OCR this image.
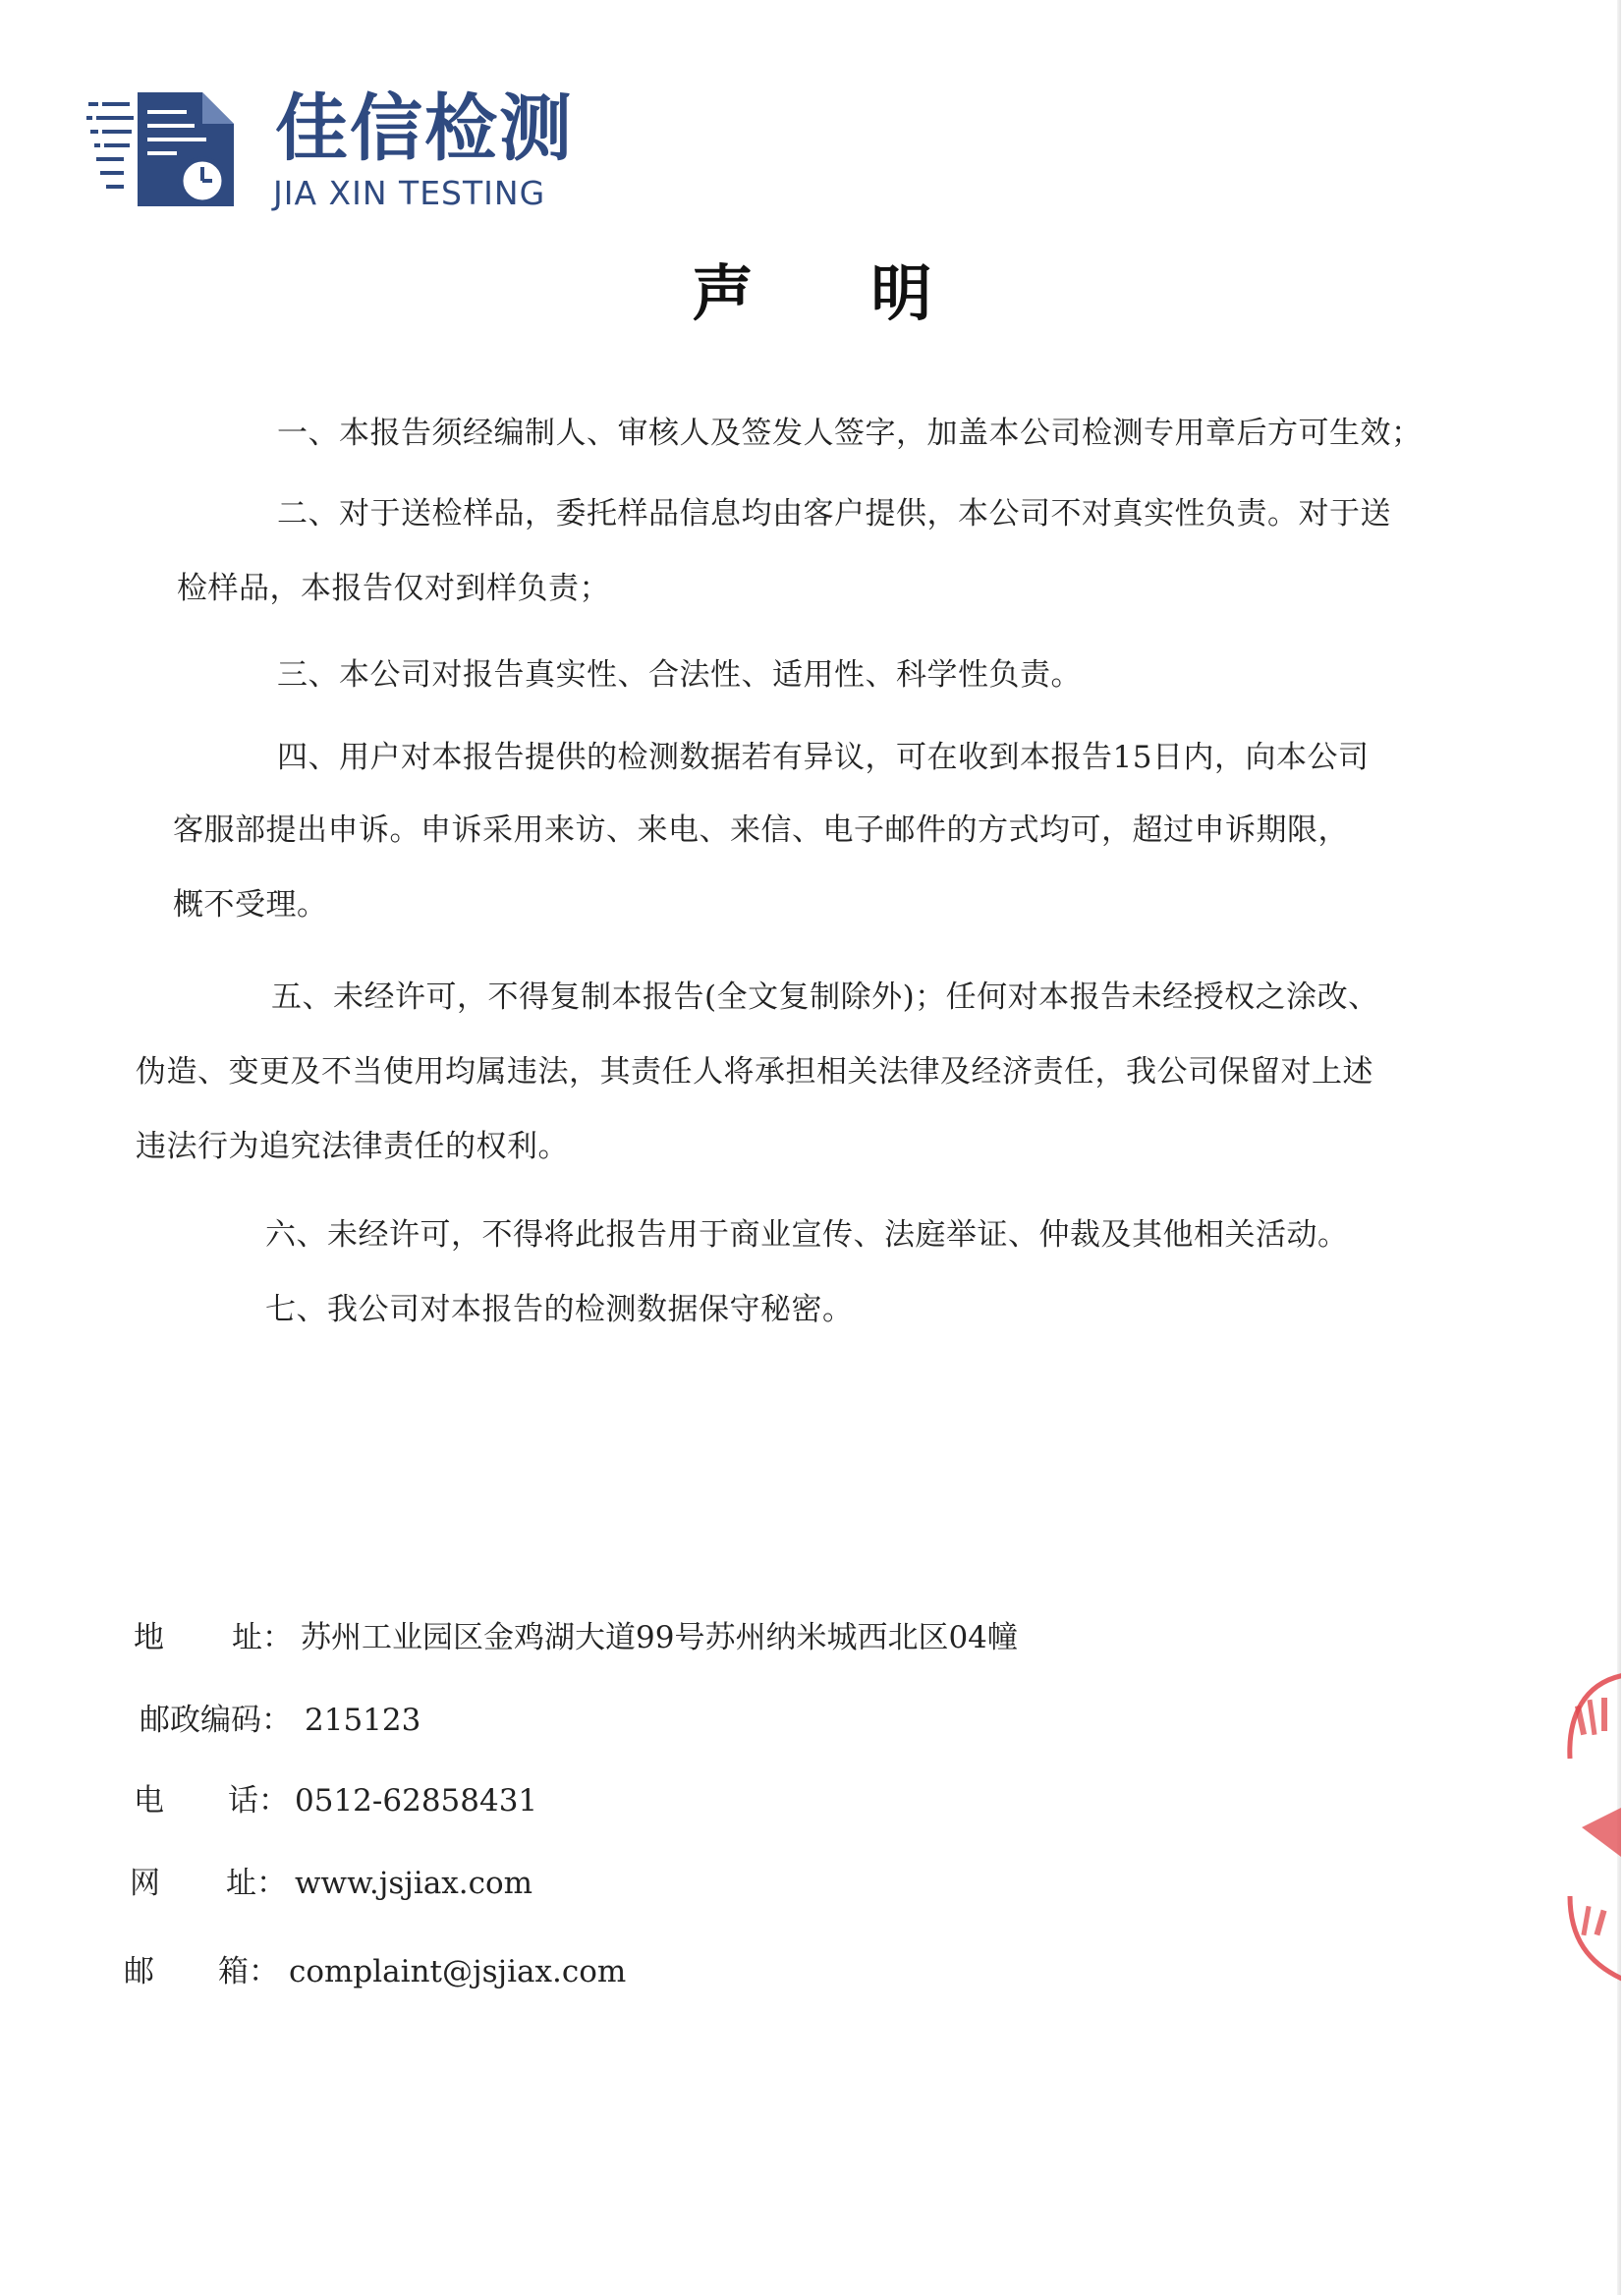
佳信检测
JIA XIN TESTING
声明
一、本报告须经编制人、审核人及签发人签字，加盖本公司检测专用章后方可生效；
二、对于送检样品，委托样品信息均由客户提供，本公司不对真实性负责。对于送
检样品，本报告仅对到样负责；
三、本公司对报告真实性、合法性、适用性、科学性负责。
四、用户对本报告提供的检测数据若有异议，可在收到本报告15日内，向本公司
客服部提出申诉。申诉采用来访、来电、来信、电子邮件的方式均可，超过申诉期限，
概不受理。
五、未经许可，不得复制本报告(全文复制除外)；任何对本报告未经授权之涂改、
伪造、变更及不当使用均属违法，其责任人将承担相关法律及经济责任，我公司保留对上述
违法行为追究法律责任的权利。
六、未经许可，不得将此报告用于商业宣传、法庭举证、仲裁及其他相关活动。
七、我公司对本报告的检测数据保守秘密。
地 址： 苏州工业园区金鸡湖大道99号苏州纳米城西北区04幢
邮政编码： 215123
电 话： 0512-62858431
网 址： www.jsjiax.com
邮 箱： complaint@jsjiax.com
